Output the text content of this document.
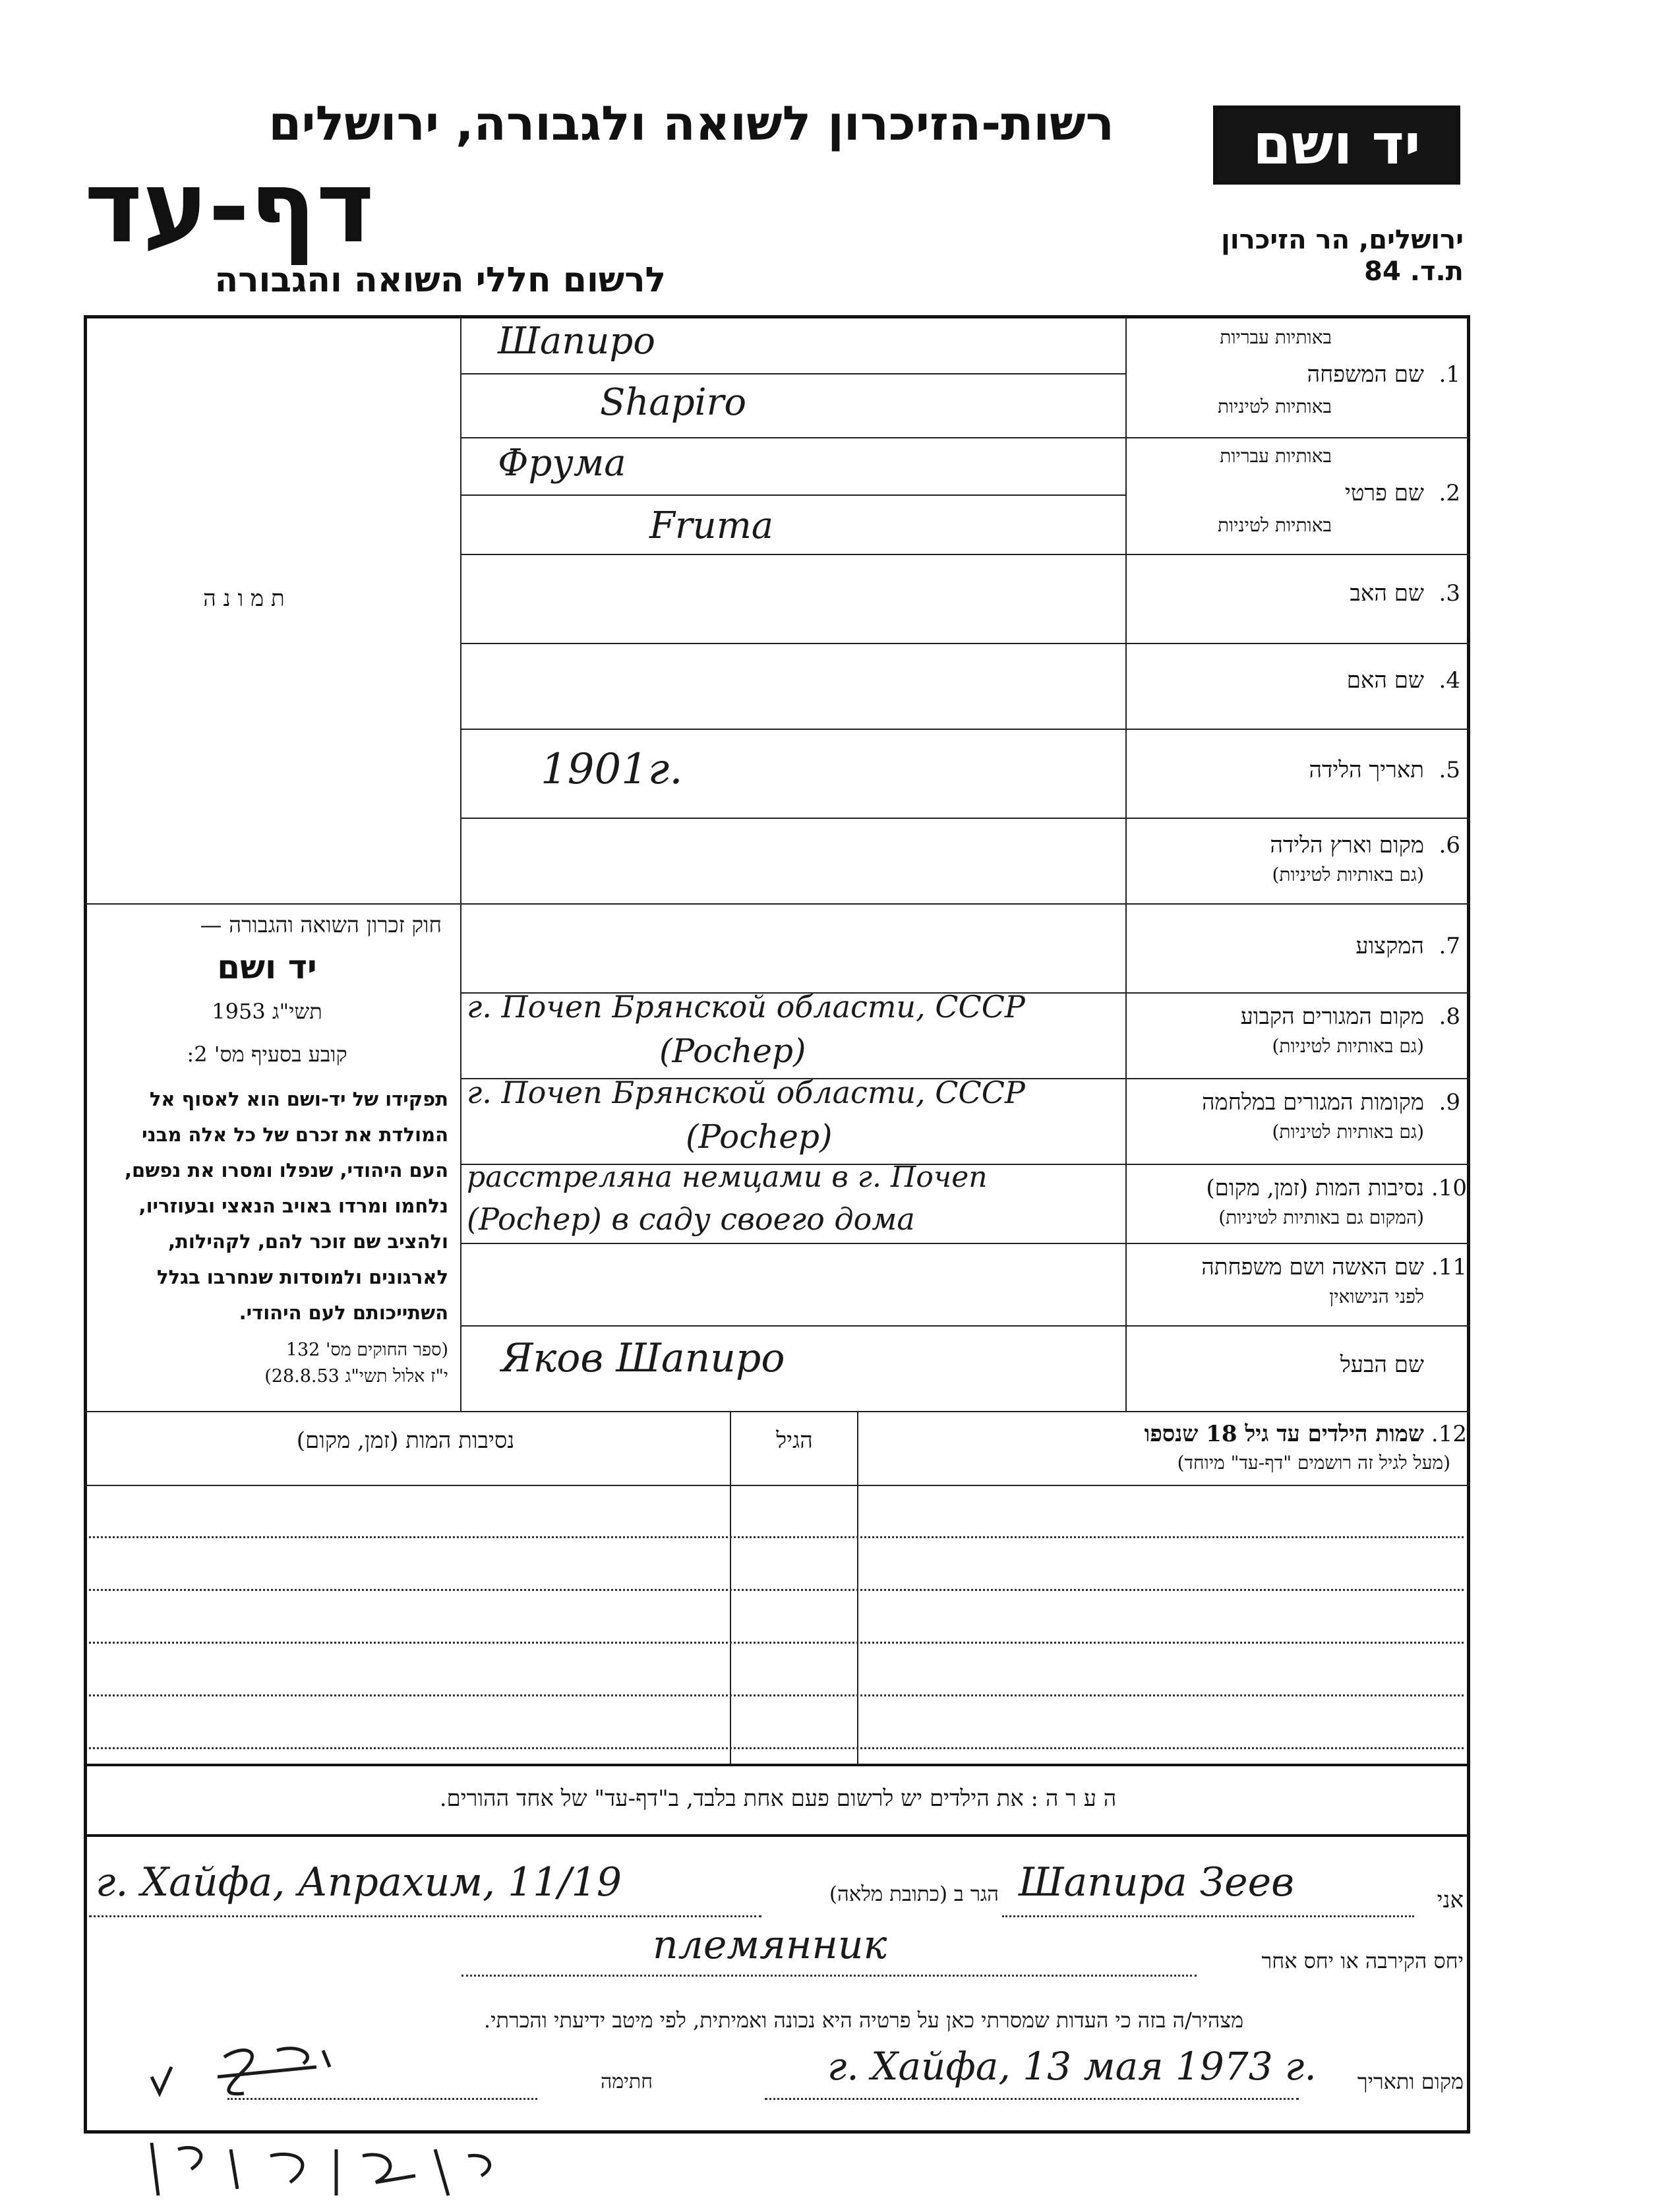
רשות-הזיכרון לשואה ולגבורה, ירושלים
דף-עד
לרשום חללי השואה והגבורה
יד ושם
ירושלים, הר הזיכרון
ת.ד. 84
ת מ ו נ ה
חוק זכרון השואה והגבורה —
יד ושם
תשי"ג 1953
קובע בסעיף מס' 2:
תפקידו של יד-ושם הוא לאסוף אל
המולדת את זכרם של כל אלה מבני
העם היהודי, שנפלו ומסרו את נפשם,
נלחמו ומרדו באויב הנאצי ובעוזריו,
ולהציב שם זוכר להם, לקהילות,
לארגונים ולמוסדות שנחרבו בגלל
השתייכותם לעם היהודי.
(ספר החוקים מס' 132
י"ז אלול תשי"ג 28.8.53)
באותיות עבריות
שם המשפחה 1.
באותיות לטיניות
Шапиро
Shapiro
באותיות עבריות
שם פרטי 2.
באותיות לטיניות
Фрума
Fruma
שם האב 3.
שם האם 4.
תאריך הלידה 5.
1901г.
מקום וארץ הלידה 6.
(גם באותיות לטיניות)
המקצוע 7.
מקום המגורים הקבוע 8.
(גם באותיות לטיניות)
г. Почеп Брянской области, СССР
(Pochep)
מקומות המגורים במלחמה 9.
(גם באותיות לטיניות)
г. Почеп Брянской области, СССР
(Pochep)
נסיבות המות (זמן, מקום) 10.
(המקום גם באותיות לטיניות)
расстреляна немцами в г. Почеп
(Pochep) в саду своего дома
שם האשה ושם משפחתה 11.
לפני הנישואין
שם הבעל
Яков Шапиро
שמות הילדים עד גיל 18 שנספו 12.
(מעל לגיל זה רושמים "דף-עד" מיוחד)
הגיל
נסיבות המות (זמן, מקום)
ה ע ר ה : את הילדים יש לרשום פעם אחת בלבד, ב"דף-עד" של אחד ההורים.
אני
Шапира Зеев
הגר ב (כתובת מלאה)
г. Хайфа, Апрахим, 11/19
יחס הקירבה או יחס אחר
племянник
מצהיר/ה בזה כי העדות שמסרתי כאן על פרטיה היא נכונה ואמיתית, לפי מיטב ידיעתי והכרתי.
מקום ותאריך
г. Хайфа, 13 мая 1973 г.
חתימה
